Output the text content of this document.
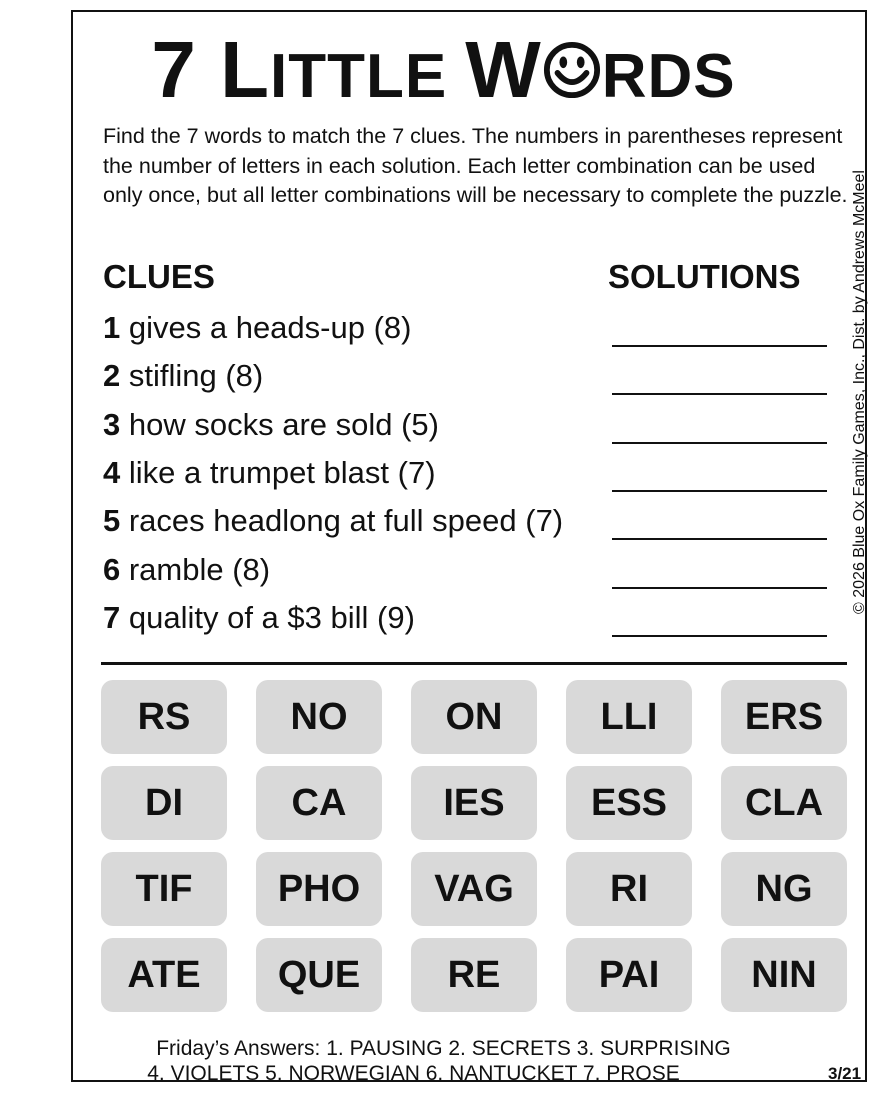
7 LITTLE W RDS
Find the 7 words to match the 7 clues. The numbers in parentheses represent the number of letters in each solution. Each letter combination can be used only once, but all letter combinations will be necessary to complete the puzzle.
CLUES	SOLUTIONS
1 gives a heads-up (8)
2 stifling (8)
3 how socks are sold (5)
4 like a trumpet blast (7)
5 races headlong at full speed (7)
6 ramble (8)
7 quality of a $3 bill (9)
© 2026 Blue Ox Family Games, Inc., Dist. by Andrews McMeel
RS	NO	ON	LLI	ERS
DI	CA	IES	ESS	CLA
TIF	PHO	VAG	RI	NG
ATE	QUE	RE	PAI	NIN
Friday’s Answers: 1. PAUSING 2. SECRETS 3. SURPRISING
4. VIOLETS 5. NORWEGIAN 6. NANTUCKET 7. PROSE	3/21
